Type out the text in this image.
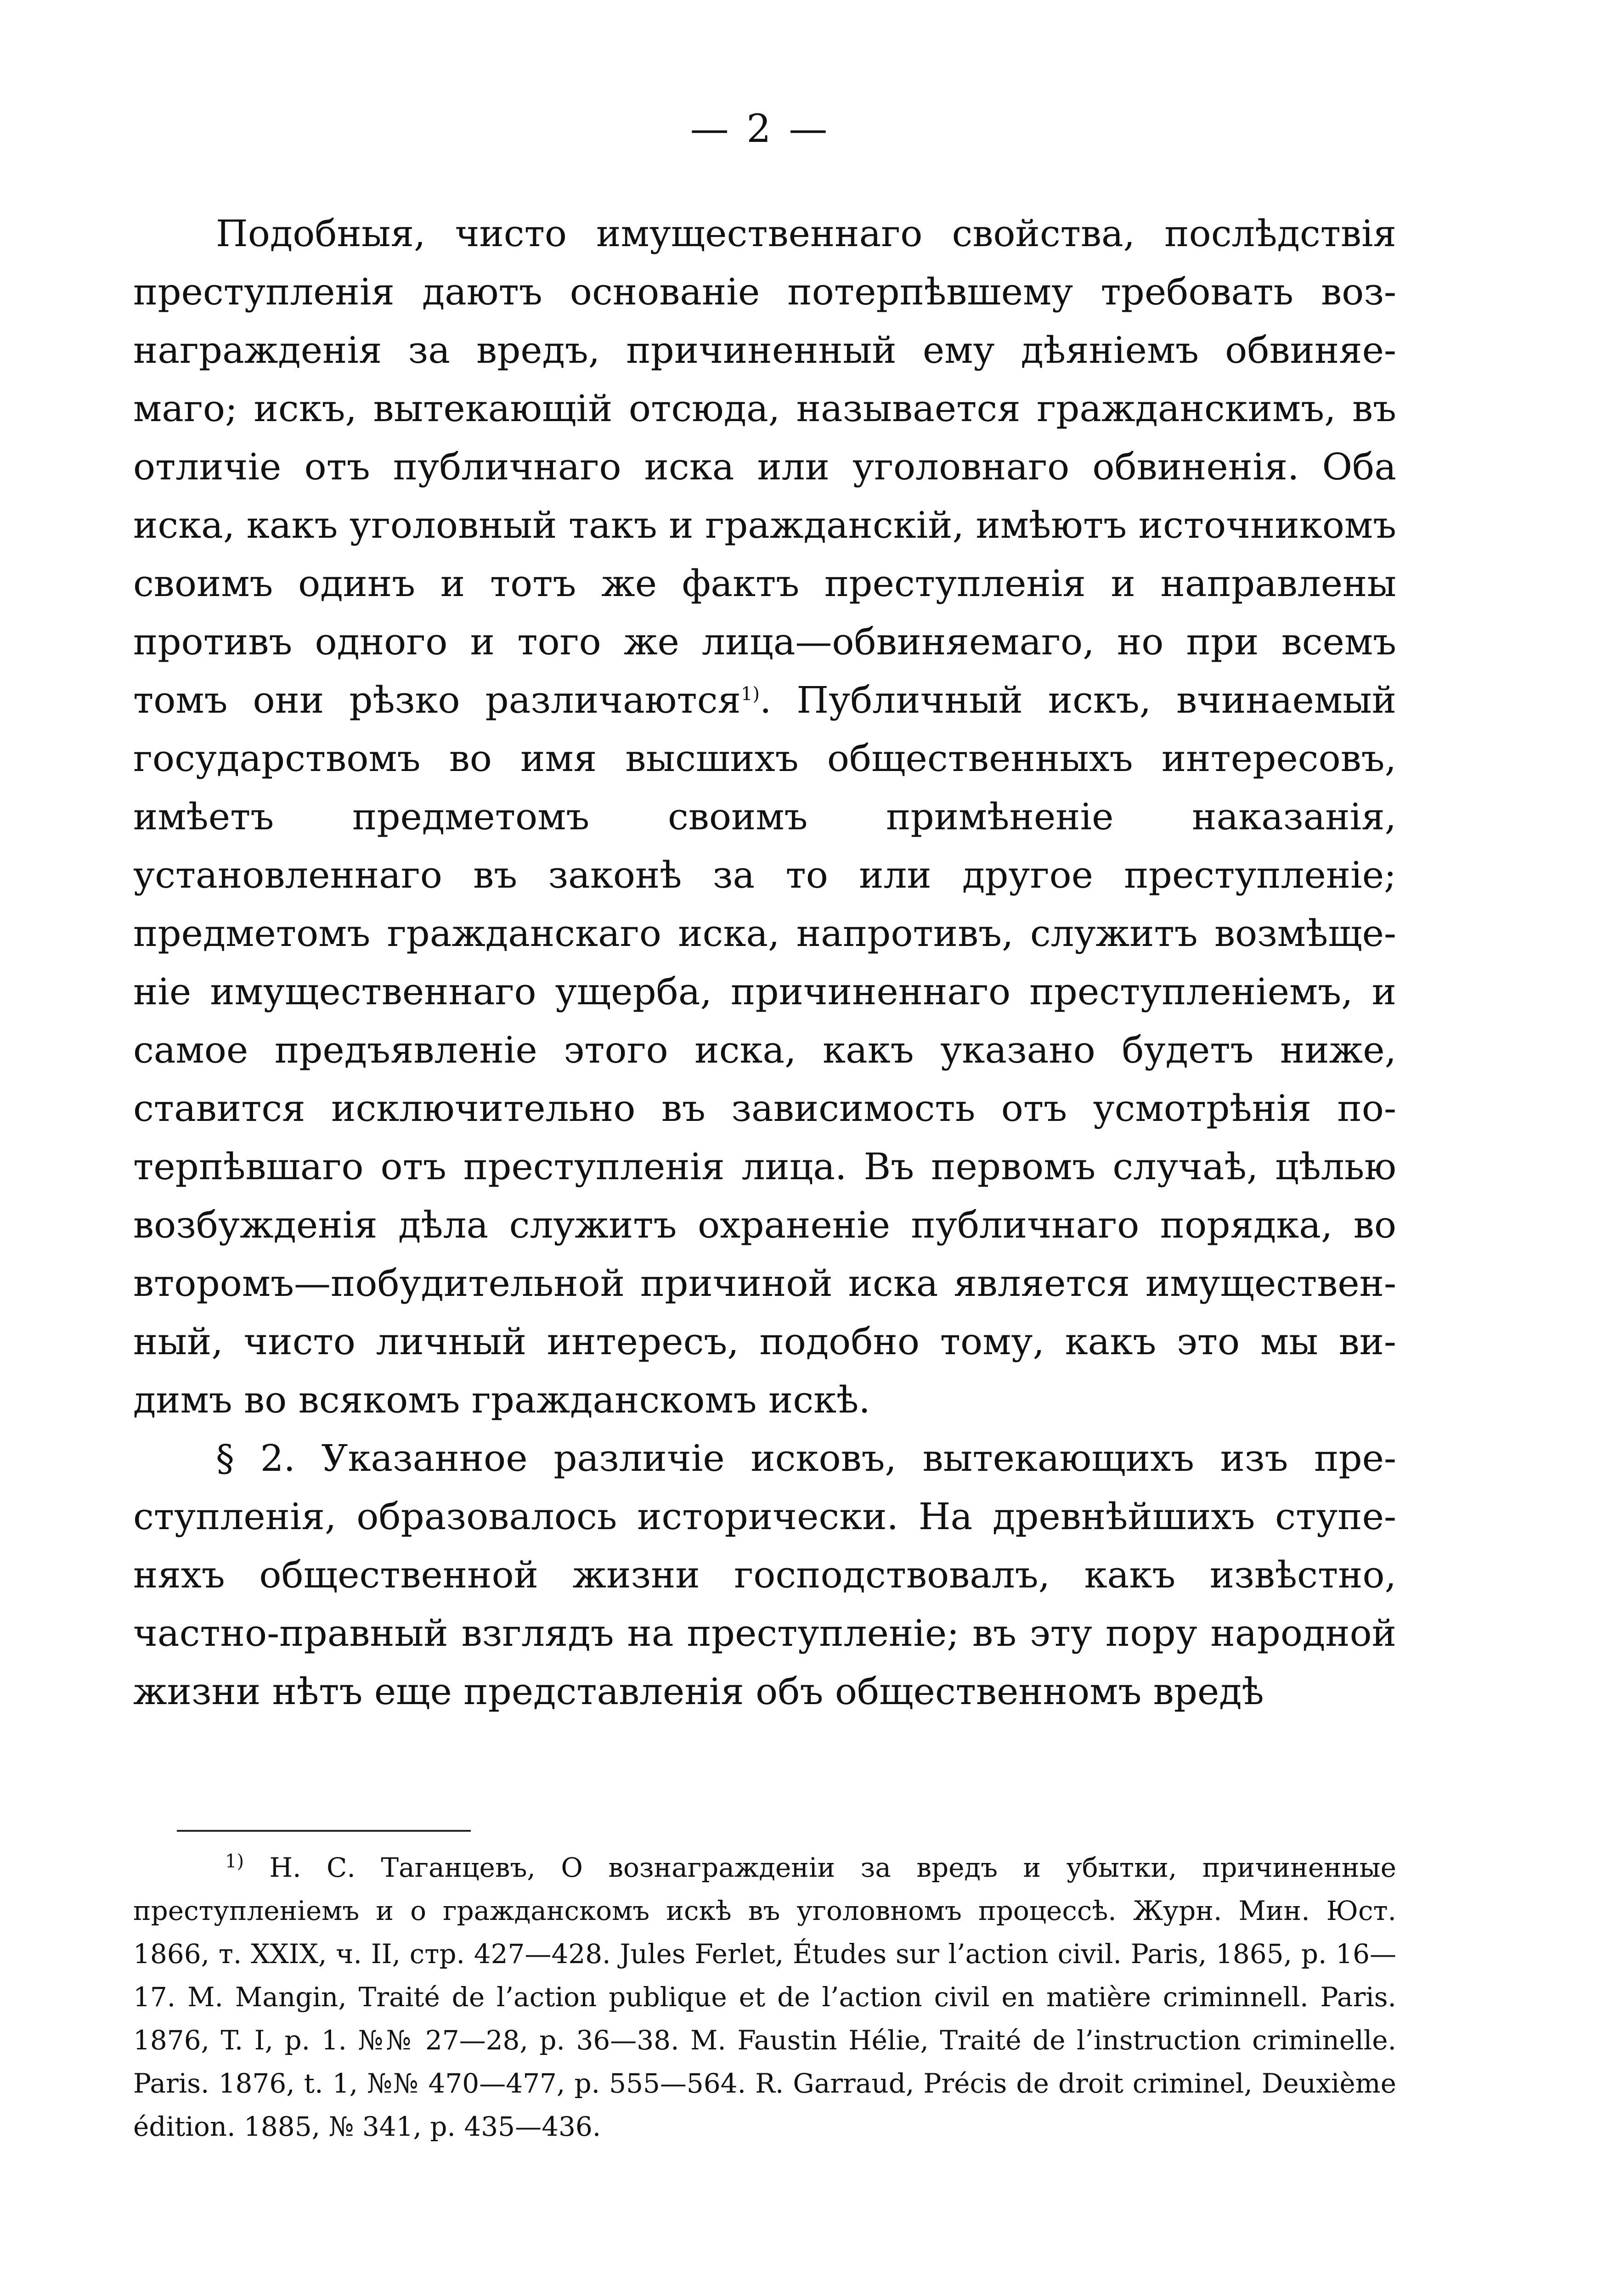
— 2 —

Подобныя, чисто имущественнаго свойства, послѣдствія преступленія даютъ основаніе потерпѣвшему требовать вознагражденія за вредъ, причиненный ему дѣяніемъ обвиняемаго; искъ, вытекающій отсюда, называется гражданскимъ, въ отличіе отъ публичнаго иска или уголовнаго обвиненія. Оба иска, какъ уголовный такъ и гражданскій, имѣютъ источникомъ своимъ одинъ и тотъ же фактъ преступленія и направлены противъ одного и того же лица—обвиняемаго, но при всемъ томъ они рѣзко различаются$^{1)}$. Публичный искъ, вчинаемый государствомъ во имя высшихъ общественныхъ интересовъ, имѣетъ предметомъ своимъ примѣненіе наказанія, установленнаго въ законѣ за то или другое преступленіе; предметомъ гражданскаго иска, напротивъ, служитъ возмѣщеніе имущественнаго ущерба, причиненнаго преступленіемъ, и самое предъявленіе этого иска, какъ указано будетъ ниже, ставится исключительно въ зависимость отъ усмотрѣнія потерпѣвшаго отъ преступленія лица. Въ первомъ случаѣ, цѣлью возбужденія дѣла служитъ охраненіе публичнаго порядка, во второмъ—побудительной причиной иска является имущественный, чисто личный интересъ, подобно тому, какъ это мы видимъ во всякомъ гражданскомъ искѣ.

§ 2. Указанное различіе исковъ, вытекающихъ изъ преступленія, образовалось исторически. На древнѣйшихъ ступеняхъ общественной жизни господствовалъ, какъ извѣстно, частно-правный взглядъ на преступленіе; въ эту пору народной жизни нѣтъ еще представленія объ общественномъ вредѣ

$^{1)}$ Н. С. Таганцевъ, О вознагражденіи за вредъ и убытки, причиненные преступленіемъ и о гражданскомъ искѣ въ уголовномъ процессѣ. Журн. Мин. Юст. 1866, т. XXIX, ч. II, стр. 427—428. Jules Ferlet, Études sur l’action civil. Paris, 1865, p. 16—17. M. Mangin, Traité de l’action publique et de l’action civil en matière criminnell. Paris. 1876, T. I, p. 1. №№ 27—28, p. 36—38. M. Faustin Hélie, Traité de l’instruction criminelle. Paris. 1876, t. 1, №№ 470—477, p. 555—564. R. Garraud, Précis de droit criminel, Deuxième édition. 1885, № 341, p. 435—436.
